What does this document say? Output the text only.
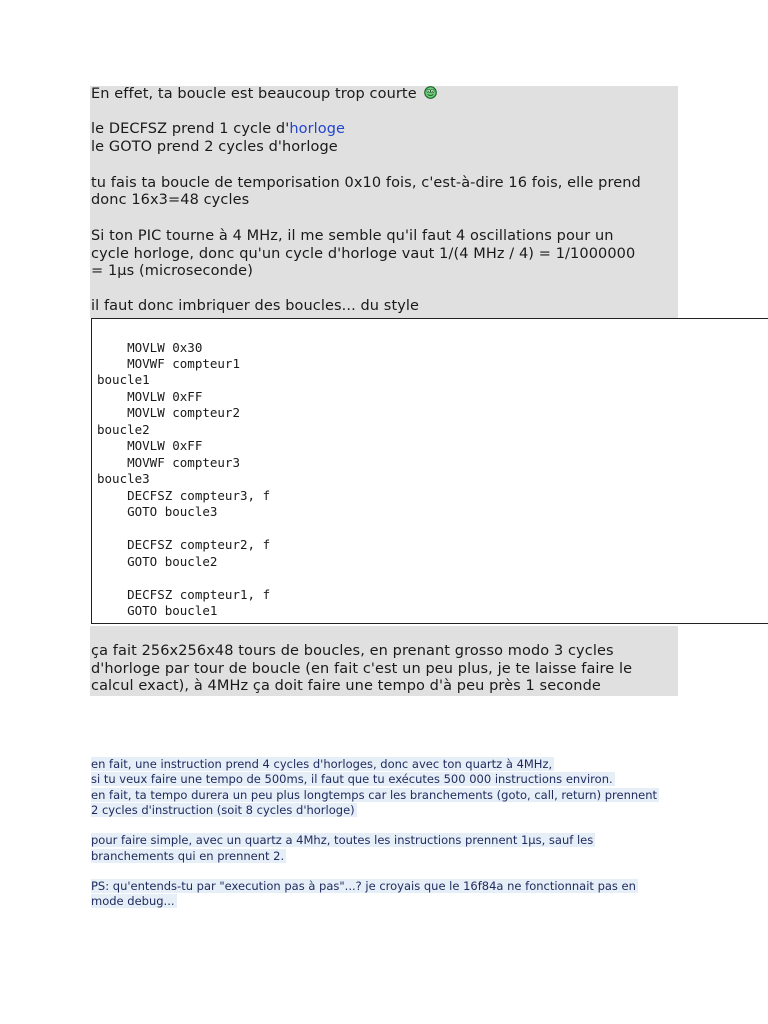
En effet, ta boucle est beaucoup trop courte
le DECFSZ prend 1 cycle d'horloge
le GOTO prend 2 cycles d'horloge
tu fais ta boucle de temporisation 0x10 fois, c'est-à-dire 16 fois, elle prend
donc 16x3=48 cycles
Si ton PIC tourne à 4 MHz, il me semble qu'il faut 4 oscillations pour un
cycle horloge, donc qu'un cycle d'horloge vaut 1/(4 MHz / 4) = 1/1000000
= 1µs (microseconde)
il faut donc imbriquer des boucles... du style
MOVLW 0x30
MOVWF compteur1
boucle1
MOVLW 0xFF
MOVLW compteur2
boucle2
MOVLW 0xFF
MOVWF compteur3
boucle3
DECFSZ compteur3, f
GOTO boucle3
DECFSZ compteur2, f
GOTO boucle2
DECFSZ compteur1, f
GOTO boucle1
ça fait 256x256x48 tours de boucles, en prenant grosso modo 3 cycles
d'horloge par tour de boucle (en fait c'est un peu plus, je te laisse faire le
calcul exact), à 4MHz ça doit faire une tempo d'à peu près 1 seconde
en fait, une instruction prend 4 cycles d'horloges, donc avec ton quartz à 4MHz,
si tu veux faire une tempo de 500ms, il faut que tu exécutes 500 000 instructions environ.
en fait, ta tempo durera un peu plus longtemps car les branchements (goto, call, return) prennent
2 cycles d'instruction (soit 8 cycles d'horloge)
pour faire simple, avec un quartz a 4Mhz, toutes les instructions prennent 1µs, sauf les
branchements qui en prennent 2.
PS: qu'entends-tu par "execution pas à pas"...? je croyais que le 16f84a ne fonctionnait pas en
mode debug...
